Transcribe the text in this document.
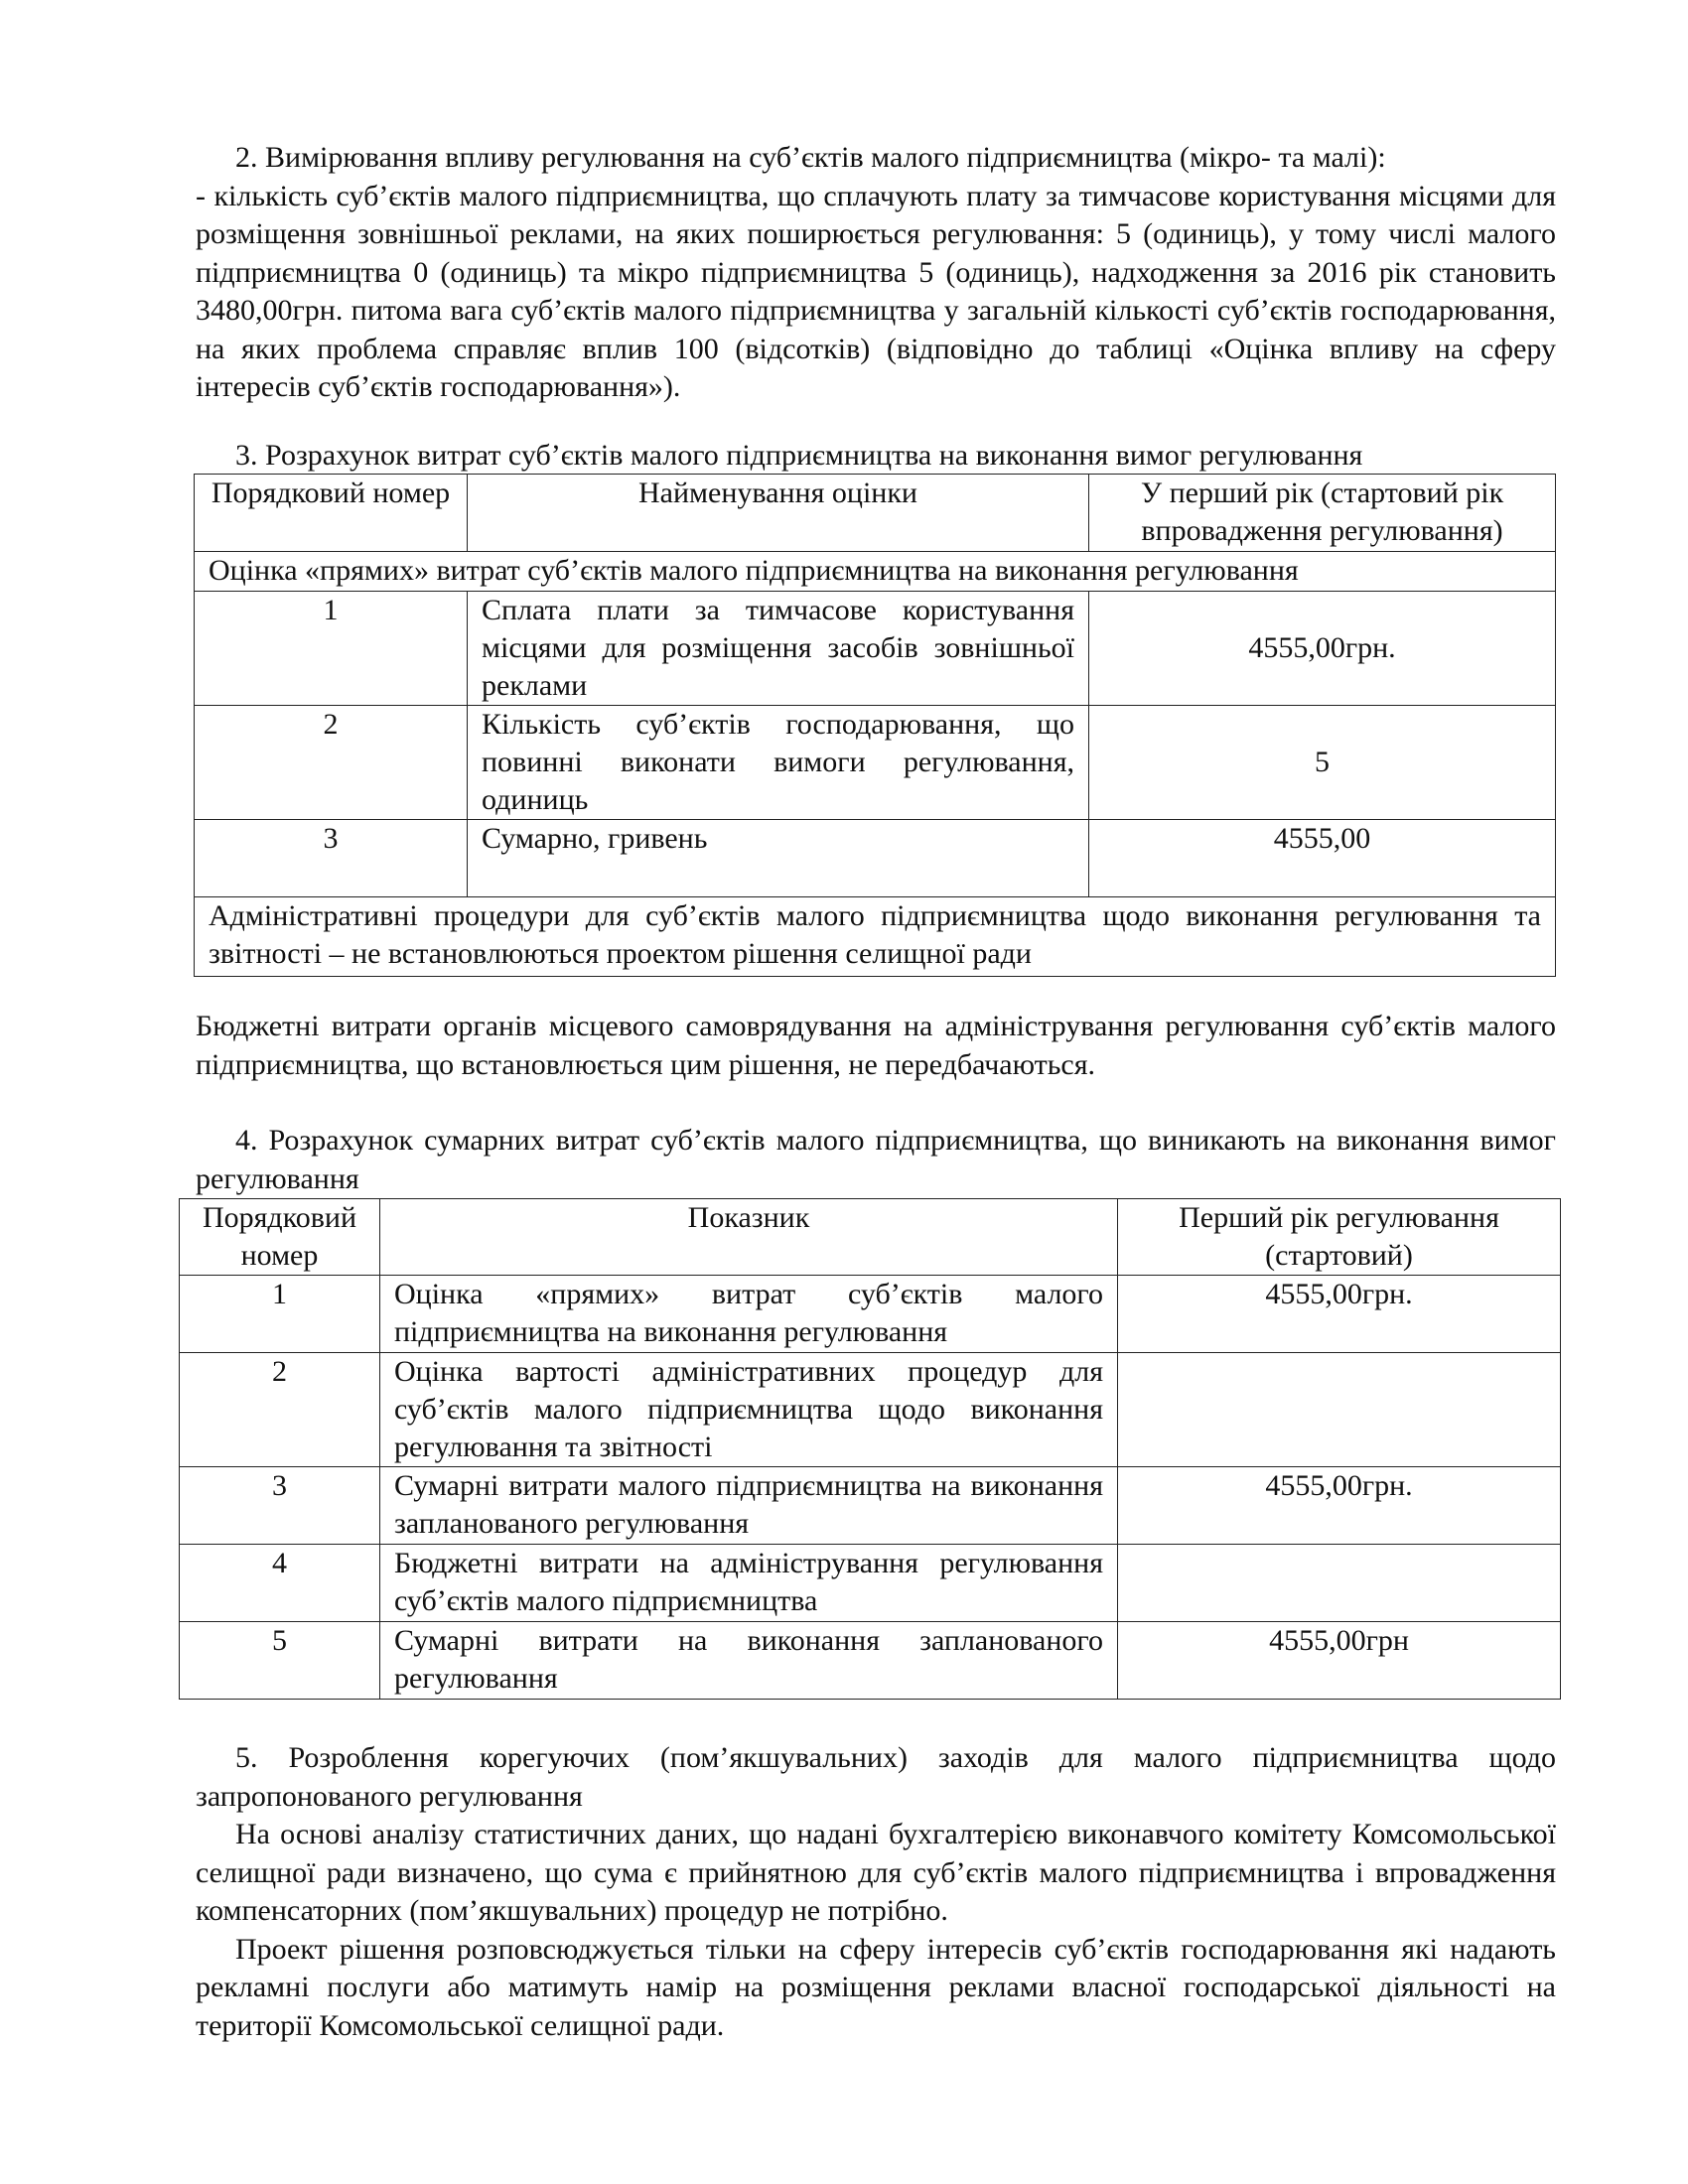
2. Вимірювання впливу регулювання на суб’єктів малого підприємництва (мікро- та малі):

- кількість суб’єктів малого підприємництва, що сплачують плату за тимчасове користування місцями для розміщення зовнішньої реклами, на яких поширюється регулювання: 5 (одиниць), у тому числі малого підприємництва 0 (одиниць) та мікро підприємництва 5 (одиниць), надходження за 2016 рік становить 3480,00грн. питома вага суб’єктів малого підприємництва у загальній кількості суб’єктів господарювання, на яких проблема справляє вплив 100 (відсотків) (відповідно до таблиці «Оцінка впливу на сферу інтересів суб’єктів господарювання»).

3. Розрахунок витрат суб’єктів малого підприємництва на виконання вимог регулювання

Порядковий номер	Найменування оцінки	У перший рік (стартовий рік впровадження регулювання)
Оцінка «прямих» витрат суб’єктів малого підприємництва на виконання регулювання		
1	Сплата плати за тимчасове користування місцями для розміщення засобів зовнішньої реклами	4555,00грн.
2	Кількість суб’єктів господарювання, що повинні виконати вимоги регулювання, одиниць	5
3	Сумарно, гривень	4555,00
Адміністративні процедури для суб’єктів малого підприємництва щодо виконання регулювання та звітності – не встановлюються проектом рішення селищної ради		

Бюджетні витрати органів місцевого самоврядування на адміністрування регулювання суб’єктів малого підприємництва, що встановлюється цим рішення, не передбачаються.

4. Розрахунок сумарних витрат суб’єктів малого підприємництва, що виникають на виконання вимог регулювання

Порядковий номер	Показник	Перший рік регулювання (стартовий)
1	Оцінка «прямих» витрат суб’єктів малого підприємництва на виконання регулювання	4555,00грн.
2	Оцінка вартості адміністративних процедур для суб’єктів малого підприємництва щодо виконання регулювання та звітності	
3	Сумарні витрати малого підприємництва на виконання запланованого регулювання	4555,00грн.
4	Бюджетні витрати на адміністрування регулювання суб’єктів малого підприємництва	
5	Сумарні витрати на виконання запланованого регулювання	4555,00грн

5. Розроблення корегуючих (пом’якшувальних) заходів для малого підприємництва щодо запропонованого регулювання

На основі аналізу статистичних даних, що надані бухгалтерією виконавчого комітету Комсомольської селищної ради визначено, що сума є прийнятною для суб’єктів малого підприємництва і впровадження компенсаторних (пом’якшувальних) процедур не потрібно.

Проект рішення розповсюджується тільки на сферу інтересів суб’єктів господарювання які надають рекламні послуги або матимуть намір на розміщення реклами власної господарської діяльності на території Комсомольської селищної ради.
